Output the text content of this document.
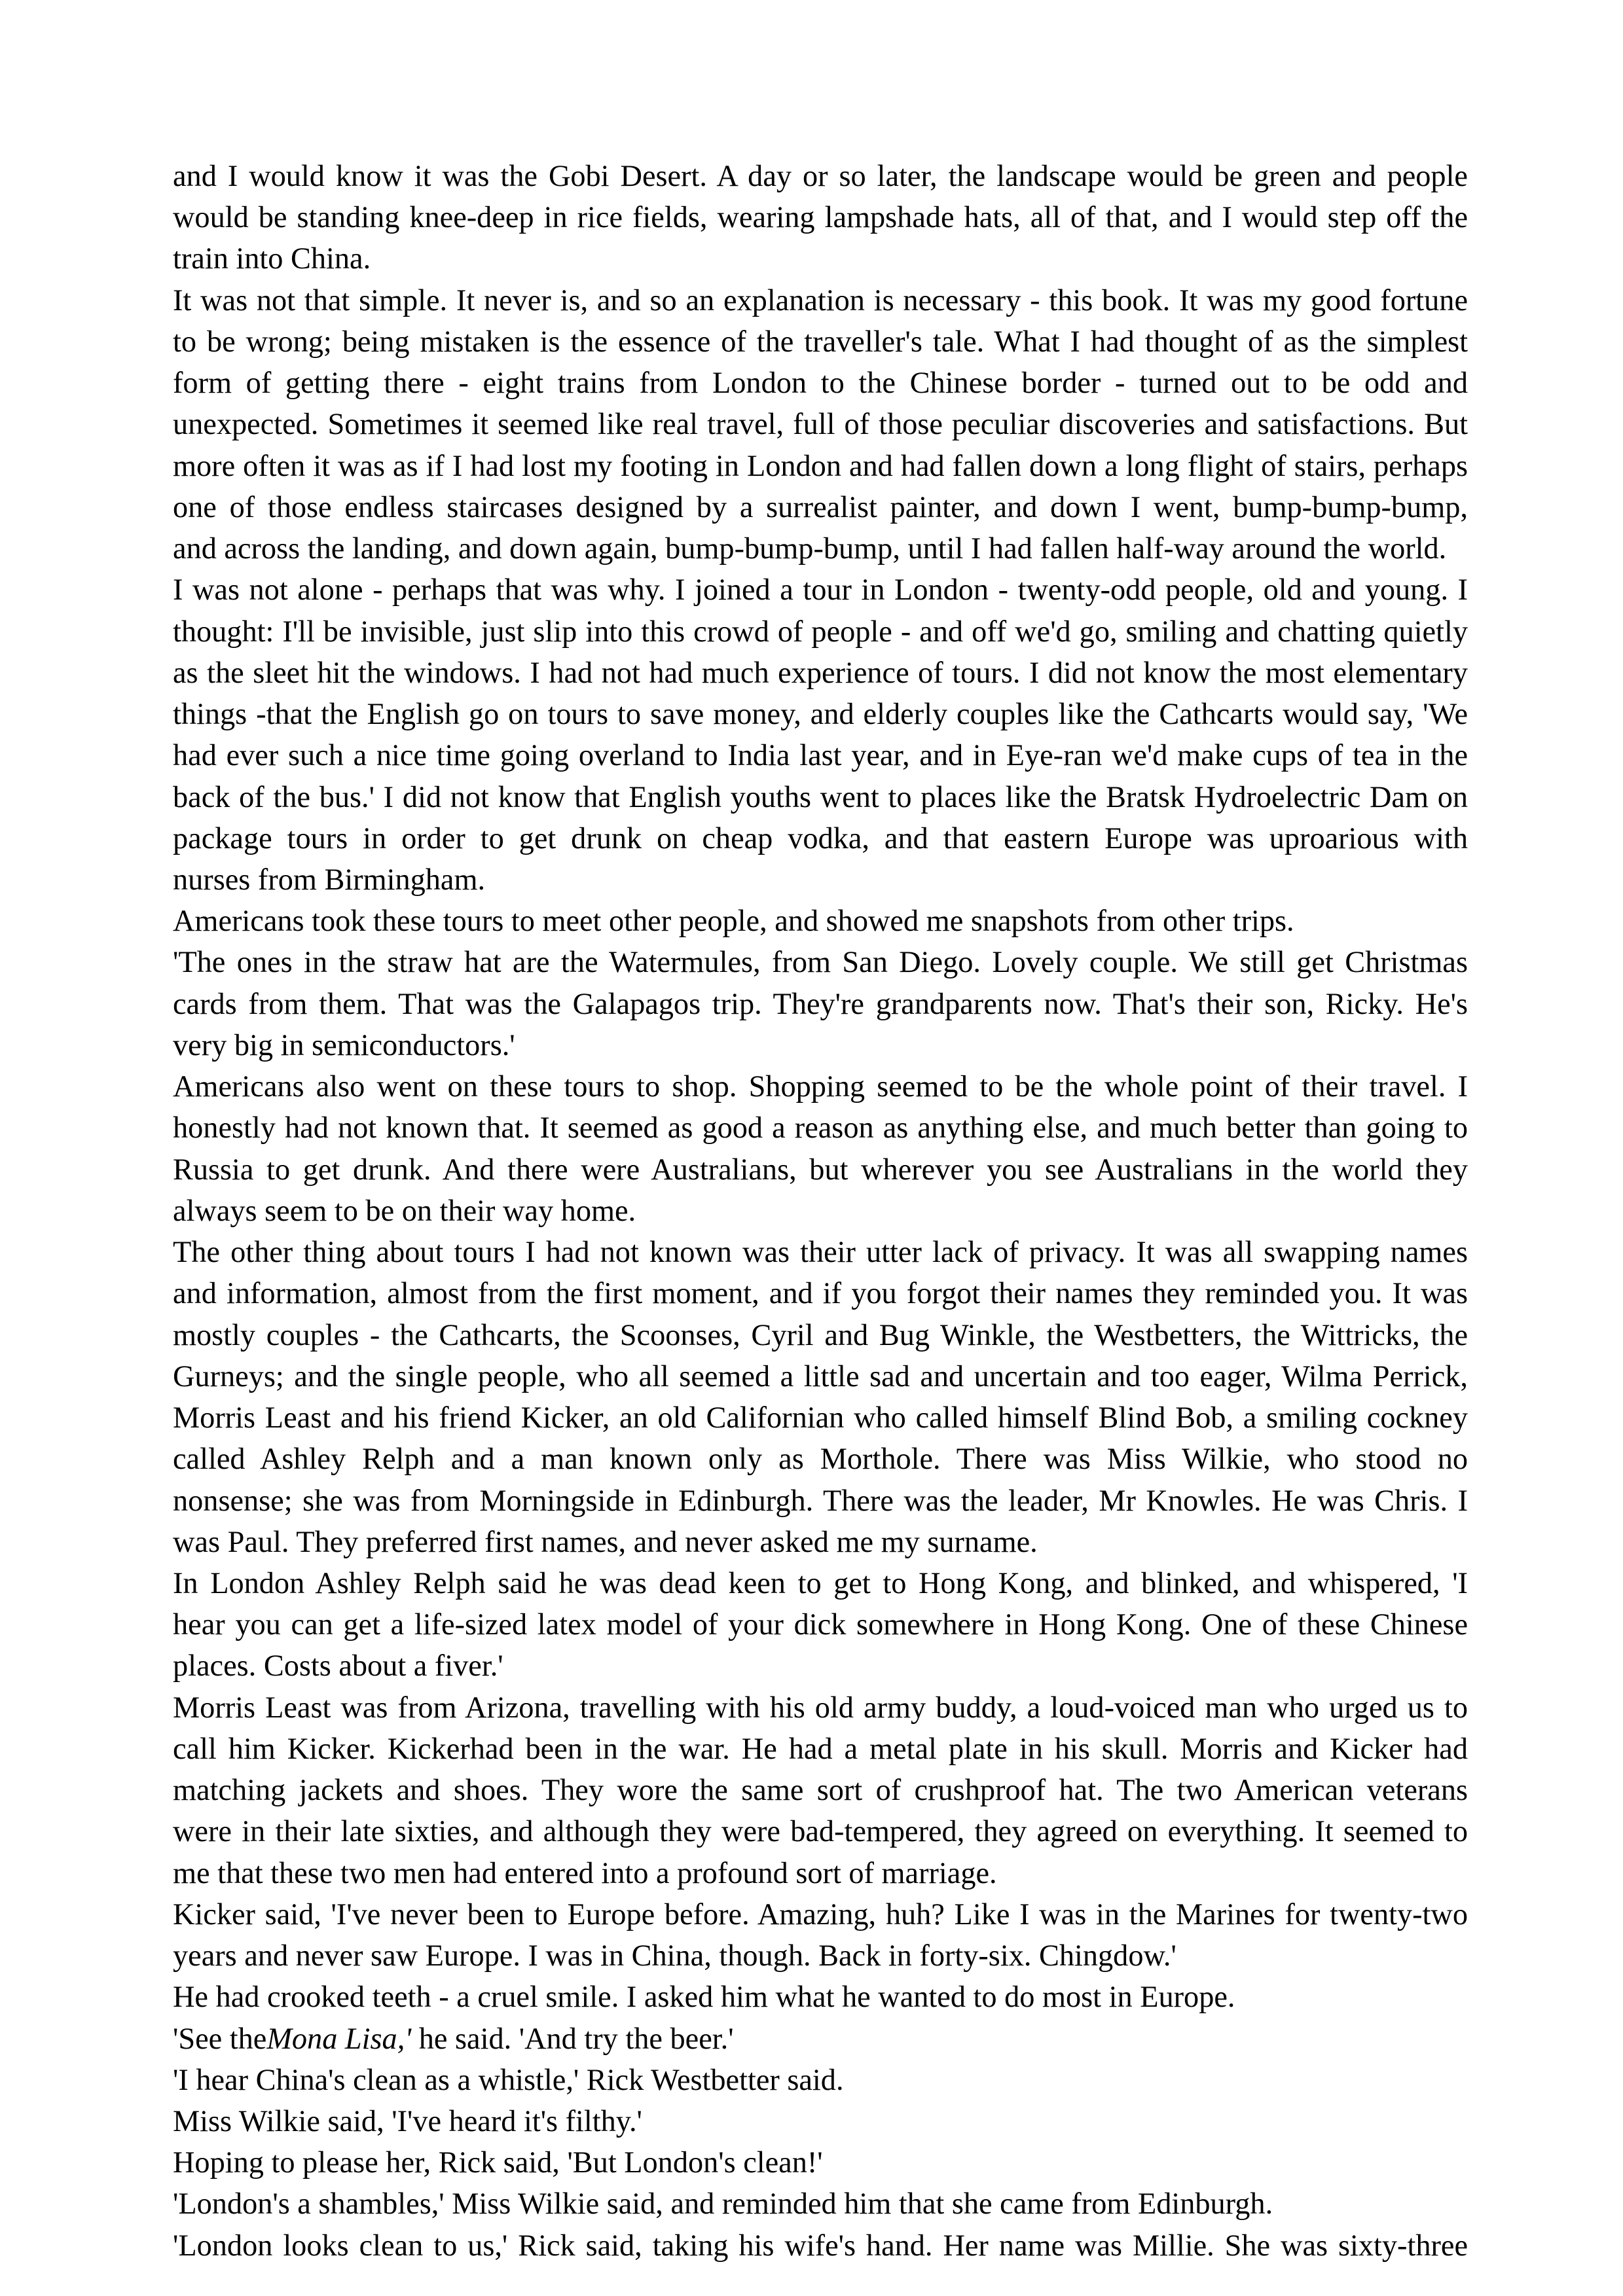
and I would know it was the Gobi Desert. A day or so later, the landscape would be green and people
would be standing knee-deep in rice fields, wearing lampshade hats, all of that, and I would step off the
train into China.
It was not that simple. It never is, and so an explanation is necessary - this book. It was my good fortune
to be wrong; being mistaken is the essence of the traveller's tale. What I had thought of as the simplest
form of getting there - eight trains from London to the Chinese border - turned out to be odd and
unexpected. Sometimes it seemed like real travel, full of those peculiar discoveries and satisfactions. But
more often it was as if I had lost my footing in London and had fallen down a long flight of stairs, perhaps
one of those endless staircases designed by a surrealist painter, and down I went, bump-bump-bump,
and across the landing, and down again, bump-bump-bump, until I had fallen half-way around the world.
I was not alone - perhaps that was why. I joined a tour in London - twenty-odd people, old and young. I
thought: I'll be invisible, just slip into this crowd of people - and off we'd go, smiling and chatting quietly
as the sleet hit the windows. I had not had much experience of tours. I did not know the most elementary
things -that the English go on tours to save money, and elderly couples like the Cathcarts would say, 'We
had ever such a nice time going overland to India last year, and in Eye-ran we'd make cups of tea in the
back of the bus.' I did not know that English youths went to places like the Bratsk Hydroelectric Dam on
package tours in order to get drunk on cheap vodka, and that eastern Europe was uproarious with
nurses from Birmingham.
Americans took these tours to meet other people, and showed me snapshots from other trips.
'The ones in the straw hat are the Watermules, from San Diego. Lovely couple. We still get Christmas
cards from them. That was the Galapagos trip. They're grandparents now. That's their son, Ricky. He's
very big in semiconductors.'
Americans also went on these tours to shop. Shopping seemed to be the whole point of their travel. I
honestly had not known that. It seemed as good a reason as anything else, and much better than going to
Russia to get drunk. And there were Australians, but wherever you see Australians in the world they
always seem to be on their way home.
The other thing about tours I had not known was their utter lack of privacy. It was all swapping names
and information, almost from the first moment, and if you forgot their names they reminded you. It was
mostly couples - the Cathcarts, the Scoonses, Cyril and Bug Winkle, the Westbetters, the Wittricks, the
Gurneys; and the single people, who all seemed a little sad and uncertain and too eager, Wilma Perrick,
Morris Least and his friend Kicker, an old Californian who called himself Blind Bob, a smiling cockney
called Ashley Relph and a man known only as Morthole. There was Miss Wilkie, who stood no
nonsense; she was from Morningside in Edinburgh. There was the leader, Mr Knowles. He was Chris. I
was Paul. They preferred first names, and never asked me my surname.
In London Ashley Relph said he was dead keen to get to Hong Kong, and blinked, and whispered, 'I
hear you can get a life-sized latex model of your dick somewhere in Hong Kong. One of these Chinese
places. Costs about a fiver.'
Morris Least was from Arizona, travelling with his old army buddy, a loud-voiced man who urged us to
call him Kicker. Kickerhad been in the war. He had a metal plate in his skull. Morris and Kicker had
matching jackets and shoes. They wore the same sort of crushproof hat. The two American veterans
were in their late sixties, and although they were bad-tempered, they agreed on everything. It seemed to
me that these two men had entered into a profound sort of marriage.
Kicker said, 'I've never been to Europe before. Amazing, huh? Like I was in the Marines for twenty-two
years and never saw Europe. I was in China, though. Back in forty-six. Chingdow.'
He had crooked teeth - a cruel smile. I asked him what he wanted to do most in Europe.
'See theMona Lisa,' he said. 'And try the beer.'
'I hear China's clean as a whistle,' Rick Westbetter said.
Miss Wilkie said, 'I've heard it's filthy.'
Hoping to please her, Rick said, 'But London's clean!'
'London's a shambles,' Miss Wilkie said, and reminded him that she came from Edinburgh.
'London looks clean to us,' Rick said, taking his wife's hand. Her name was Millie. She was sixty-three
